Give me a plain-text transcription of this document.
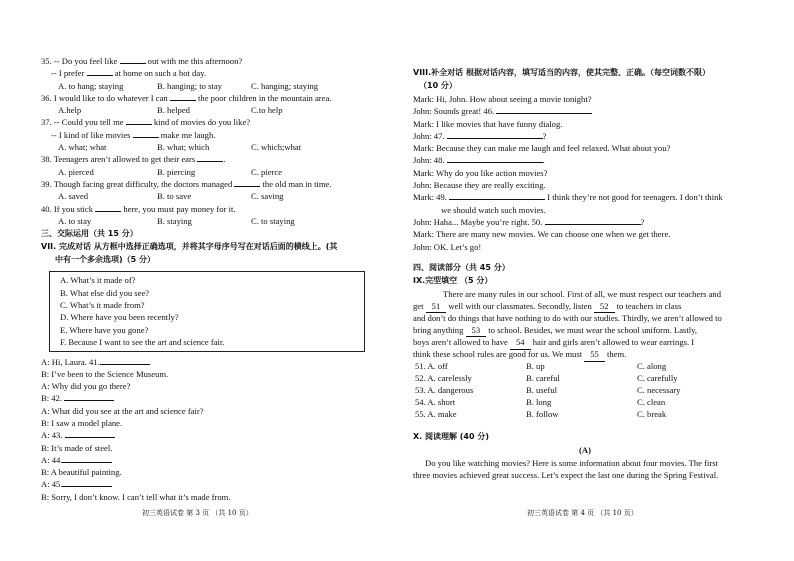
35. -- Do you feel like	out with me this afternoon?
-- I prefer	at home on such a hot day.
A. to hang; staying	B. hanging; to stay	C. hanging; staying
36. I would like to do whatever I can	the poor children in the mountain area.
A.help	B. helped	C.to help
37. -- Could you tell me	kind of movies do you like?
-- I kind of like movies	make me laugh.
A. what; what	B. what; which	C. which;what
38. Teenagers aren’t allowed to get their ears	.
A. pierced	B. piercing	C. pierce
39. Though facing great difficulty, the doctors managed	the old man in time.
A. saved	B. to save	C. saving
40. If you stick	here, you must pay money for it.
A. to stay	B. staying	C. to staying
三、交际运用（共 15 分）
VII. 完成对话 从方框中选择正确选项，并将其字母序号写在对话后面的横线上。(其
中有一个多余选项)（5 分）
A. What’s it made of?
B. What else did you see?
C. What’s it made from?
D. Where have you been recently?
E. Where have you gone?
F. Because I want to see the art and science fair.
A: Hi, Laura. 41.
B: I’ve been to the Science Museum.
A: Why did you go there?
B: 42.
A: What did you see at the art and science fair?
B: I saw a model plane.
A: 43.
B: It’s made of steel.
A: 44.
B: A beautiful painting.
A: 45.
B: Sorry, I don’t know. I can’t tell what it’s made from.
初三英语试卷 第 3 页 （共 10 页）
VIII.补全对话 根据对话内容，填写适当的内容，使其完整、正确。（每空词数不限）
（10 分）
Mark: Hi, John. How about seeing a movie tonight?
John: Sounds great! 46.
Mark: I like movies that have funny dialog.
John: 47.	?
Mark: Because they can make me laugh and feel relaxed. What about you?
John: 48.	.
Mark: Why do you like action movies?
John: Because they are really exciting.
Mark: 49.	I think they’re not good for teenagers. I don’t think
we should watch such movies.
John: Haha... Maybe you’re right. 50.	?
Mark: There are many new movies. We can choose one when we get there.
John: OK. Let’s go!
四、阅读部分（共 45 分）
IX.完型填空 （5 分）
There are many rules in our school. First of all, we must respect our teachers and
get 51 well with our classmates. Secondly, listen 52 to teachers in class
and don’t do things that have nothing to do with our studies. Thirdly, we aren’t allowed to
bring anything 53 to school. Besides, we must wear the school uniform. Lastly,
boys aren’t allowed to have 54 hair and girls aren’t allowed to wear earrings. I
think these school rules are good for us. We must 55 them.
51. A. off	B. up	C. along
52. A. carelessly	B. careful	C. carefully
53. A. dangerous	B. useful	C. necessary
54. A. short	B. long	C. clean
55. A. make	B. follow	C. break
X. 阅读理解 (40 分)
(A)
Do you like watching movies? Here is some information about four movies. The first
three movies achieved great success. Let’s expect the last one during the Spring Festival.
初三英语试卷 第 4 页 （共 10 页）
